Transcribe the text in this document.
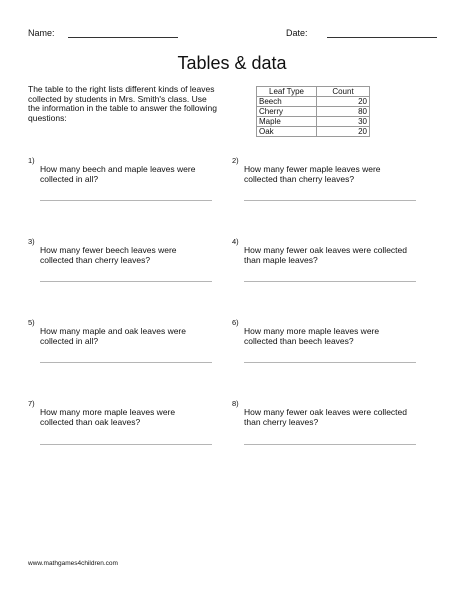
Name:	Date:
Tables & data
The table to the right lists different kinds of leaves collected by students in Mrs. Smith's class. Use the information in the table to answer the following questions:
Leaf Type	Count
Beech	20
Cherry	80
Maple	30
Oak	20
1)
How many beech and maple leaves were collected in all?
2)
How many fewer maple leaves were collected than cherry leaves?
3)
How many fewer beech leaves were collected than cherry leaves?
4)
How many fewer oak leaves were collected than maple leaves?
5)
How many maple and oak leaves were collected in all?
6)
How many more maple leaves were collected than beech leaves?
7)
How many more maple leaves were collected than oak leaves?
8)
How many fewer oak leaves were collected than cherry leaves?
www.mathgames4children.com
